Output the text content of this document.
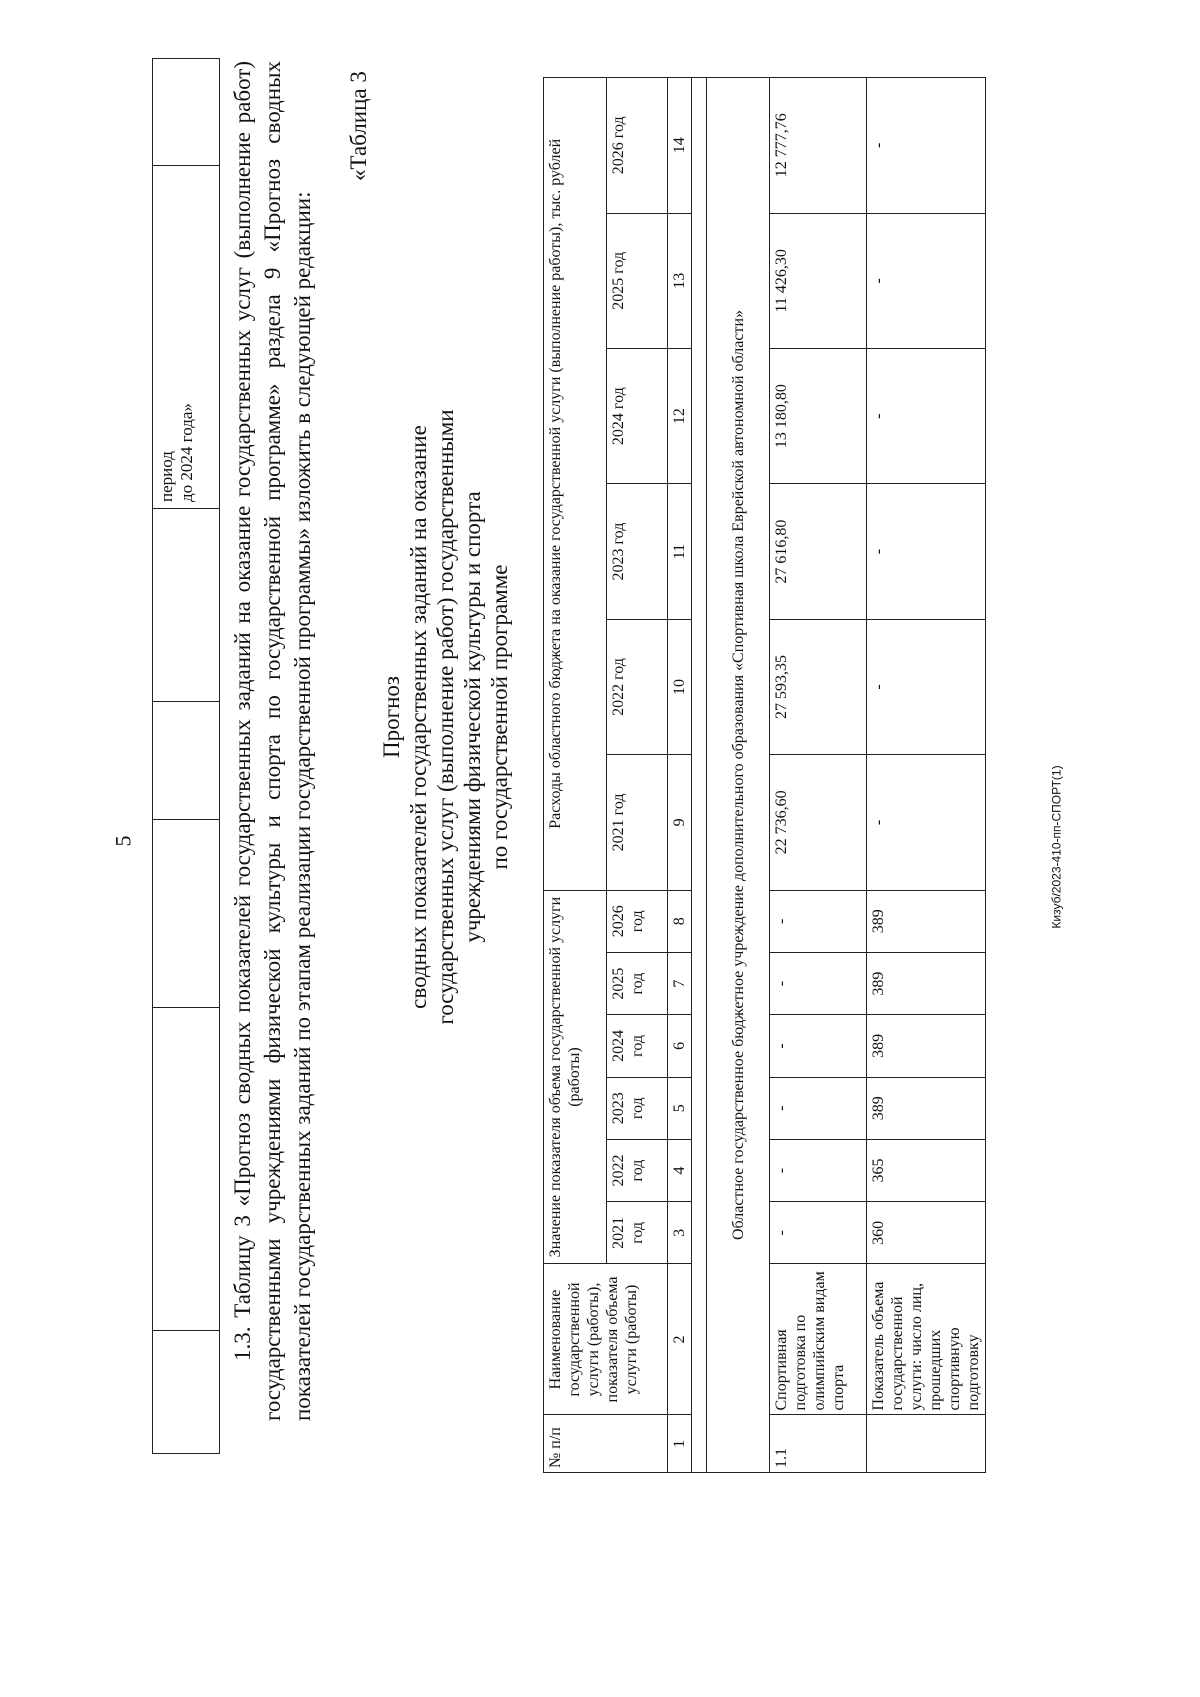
5	Кизуб/2023-410-пп-СПОРТ(1)
					период
до 2024 года»	1.3. Таблицу 3 «Прогноз сводных показателей государственных заданий на оказание государственных услуг (выполнение работ) государственными учреждениями физической культуры и спорта по государственной программе» раздела 9 «Прогноз сводных показателей государственных заданий по этапам реализации государственной программы» изложить в следующей редакции:
«Таблица 3
Прогноз сводных показателей государственных заданий на оказание государственных услуг (выполнение работ) государственными учреждениями физической культуры и спорта по государственной программе
№ п/п	Наименование государственной услуги (работы), показателя объема услуги (работы)	Значение показателя объема государственной услуги (работы)						Расходы областного бюджета на оказание государственной услуги (выполнение работы), тыс. рублей					
		2021 год	2022 год	2023 год	2024 год	2025 год	2026 год	2021 год	2022 год	2023 год	2024 год	2025 год	2026 год
1	2	3	4	5	6	7	8	9	10	11	12	13	14

Областное государственное бюджетное учреждение дополнительного образования «Спортивная школа Еврейской автономной области»													
1.1	Спортивная подготовка по олимпийским видам спорта	-	-	-	-	-	-	22 736,60	27 593,35	27 616,80	13 180,80	11 426,30	12 777,76
	Показатель объема государственной услуги: число лиц, прошедших спортивную подготовку	360	365	389	389	389	389	-	-	-	-	-	-
